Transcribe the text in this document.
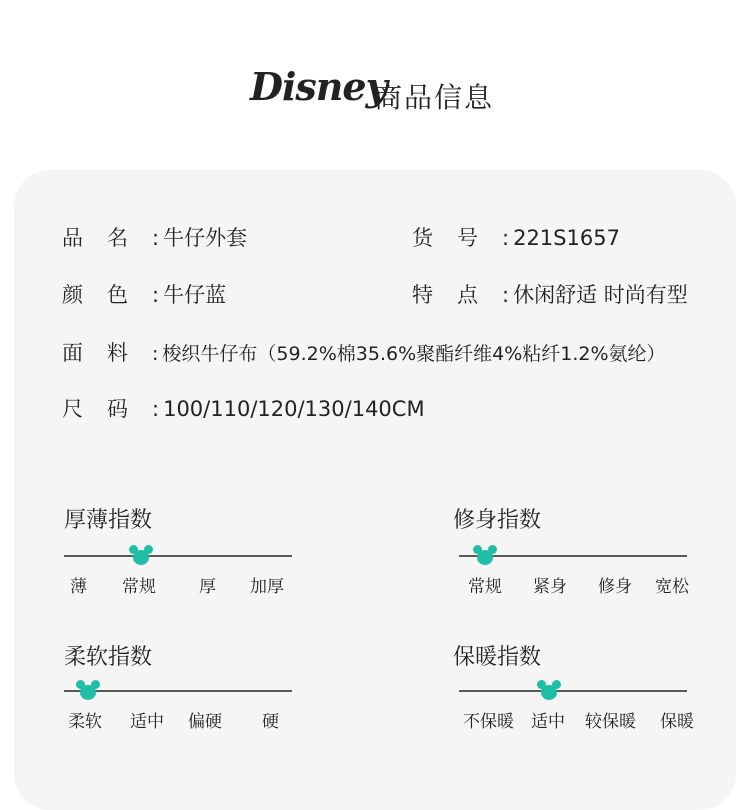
Disney
商品信息
品名: 牛仔外套	货号: 221S1657
颜色: 牛仔蓝	特点: 休闲舒适 时尚有型
面料: 梭织牛仔布（59.2%棉35.6%聚酯纤维4%粘纤1.2%氨纶）
尺码: 100/110/120/130/140CM
厚薄指数
薄 常规	厚 加厚
修身指数
常规 紧身 修身 宽松
柔软指数
柔软 适中 偏硬 硬
保暖指数
不保暖 适中 较保暖 保暖
